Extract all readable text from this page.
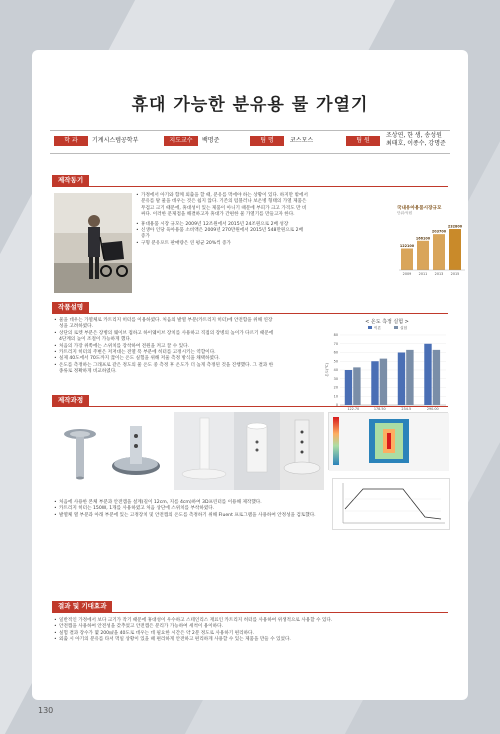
휴대 가능한 분유용 물 가열기
학 과	기계시스템공학부	지도교수	백명준	팀 명	코스모스	팀 원
조상연, 한 생, 송성원
최태호, 이종수, 강명준
제작동기
• 가정에서 아기와 함께 외출을 할 때, 분유를 먹에야 하는 상황이 있다. 하지만 밖에서 분유를 탈 물을 데우는 것은 쉽지 않다. 기존의 텀블러나 보온병 형태의 가열 제품은 무겁고 크기 때문에, 휴대성이 있는 제품이 아니기 때문에 부피가 크고 가격도 만 비싸다. 이러한 문제점을 해결하고자 휴대가 간편한 물 가열기를 만들고자 한다.
• 휴대용품 시장 규모는 2009년 12조원에서 2015년 24조원으로 2배 성장
• 신생아 인당 육아용품 소비액은 2009년 270만원에서 2015년 548만원으로 2배 증가
• 구형 분유포트 판매량은 연 평균 20%씩 증가
국내유아용품시장규모
단위:억원
122100
2009
166100
2011
203700
2013
232800
2015
작품설명
• 물을 데우는 가열체로 카트리지 히터를 이용하였다. 처음의 발열 부분(카트리지 히터)에 안전함을 위해 연장성을 고려하였다.
• 상단의 로켓 부분은 장병의 웨이브 접하고 하이웨이브 장치를 사용하고 직접의 장병의 높이가 다르기 때문에 4단계의 높이 조절이 가능하게 했다.
• 처음의 가장 위쪽에는 스위치를 장착하여 전원을 켜고 끌 수 있다.
• 카트리지 히터의 주변은 저저대는 전열 폭 부분에 히터를 고정시키는 역할이다.
• 실제 40도에서 70도까지 끓이는 온도 실험을 위해 저울 측정 방식을 채택하였다.
• 온도를 측정하는 그래프로 같은 정도의 물 온도 중 측정 후 온도가 더 높게 측정된 것을 진행했다. 그 결과 한 종류로 정확하게 비교하였다.
< 온도 측정 실험 >
이론	실험
80
70
60
50
40
30
20
10
122.70	178.50	234.5	290.00
온도(℃)
제작과정
• 처음에 사용한 본체 부분과 안전캡을 설계(길이 12cm, 지름 4cm)하여 3D프린터를 이용해 제작했다.
• 카트리지 히터는 150W, 1개를 사용하였고 처음 상단에 스위치를 부착하였다.
• 발열체 열 부분과 아래 부분에 있는 고정장치 및 안전캡의 온도를 측정하기 위해 Fluent 프로그램을 사용하여 안정성을 검토했다.
결과 및 기대효과
• 일반적인 가정에서 보다 크기가 작기 때문에 휴대성이 우수하고 스테인리스 재료인 카트리지 히터를 사용하여 위생적으로 사용할 수 있다.
• 안전캡을 사용하여 안전성을 갖추었고 안전캡은 분리가 가능하여 세척이 용이하다.
• 실험 결과 장수가 몇 200㎖을 40도로 데우는 데 필요한 시간은 약 2분 정도로 사용하기 편리하다.
• 외출 시 아기의 분유를 타서 먹일 상황이 있을 때 편리하게 안전하고 편리하게 사용할 수 있는 제품을 만들 수 있었다.
130
